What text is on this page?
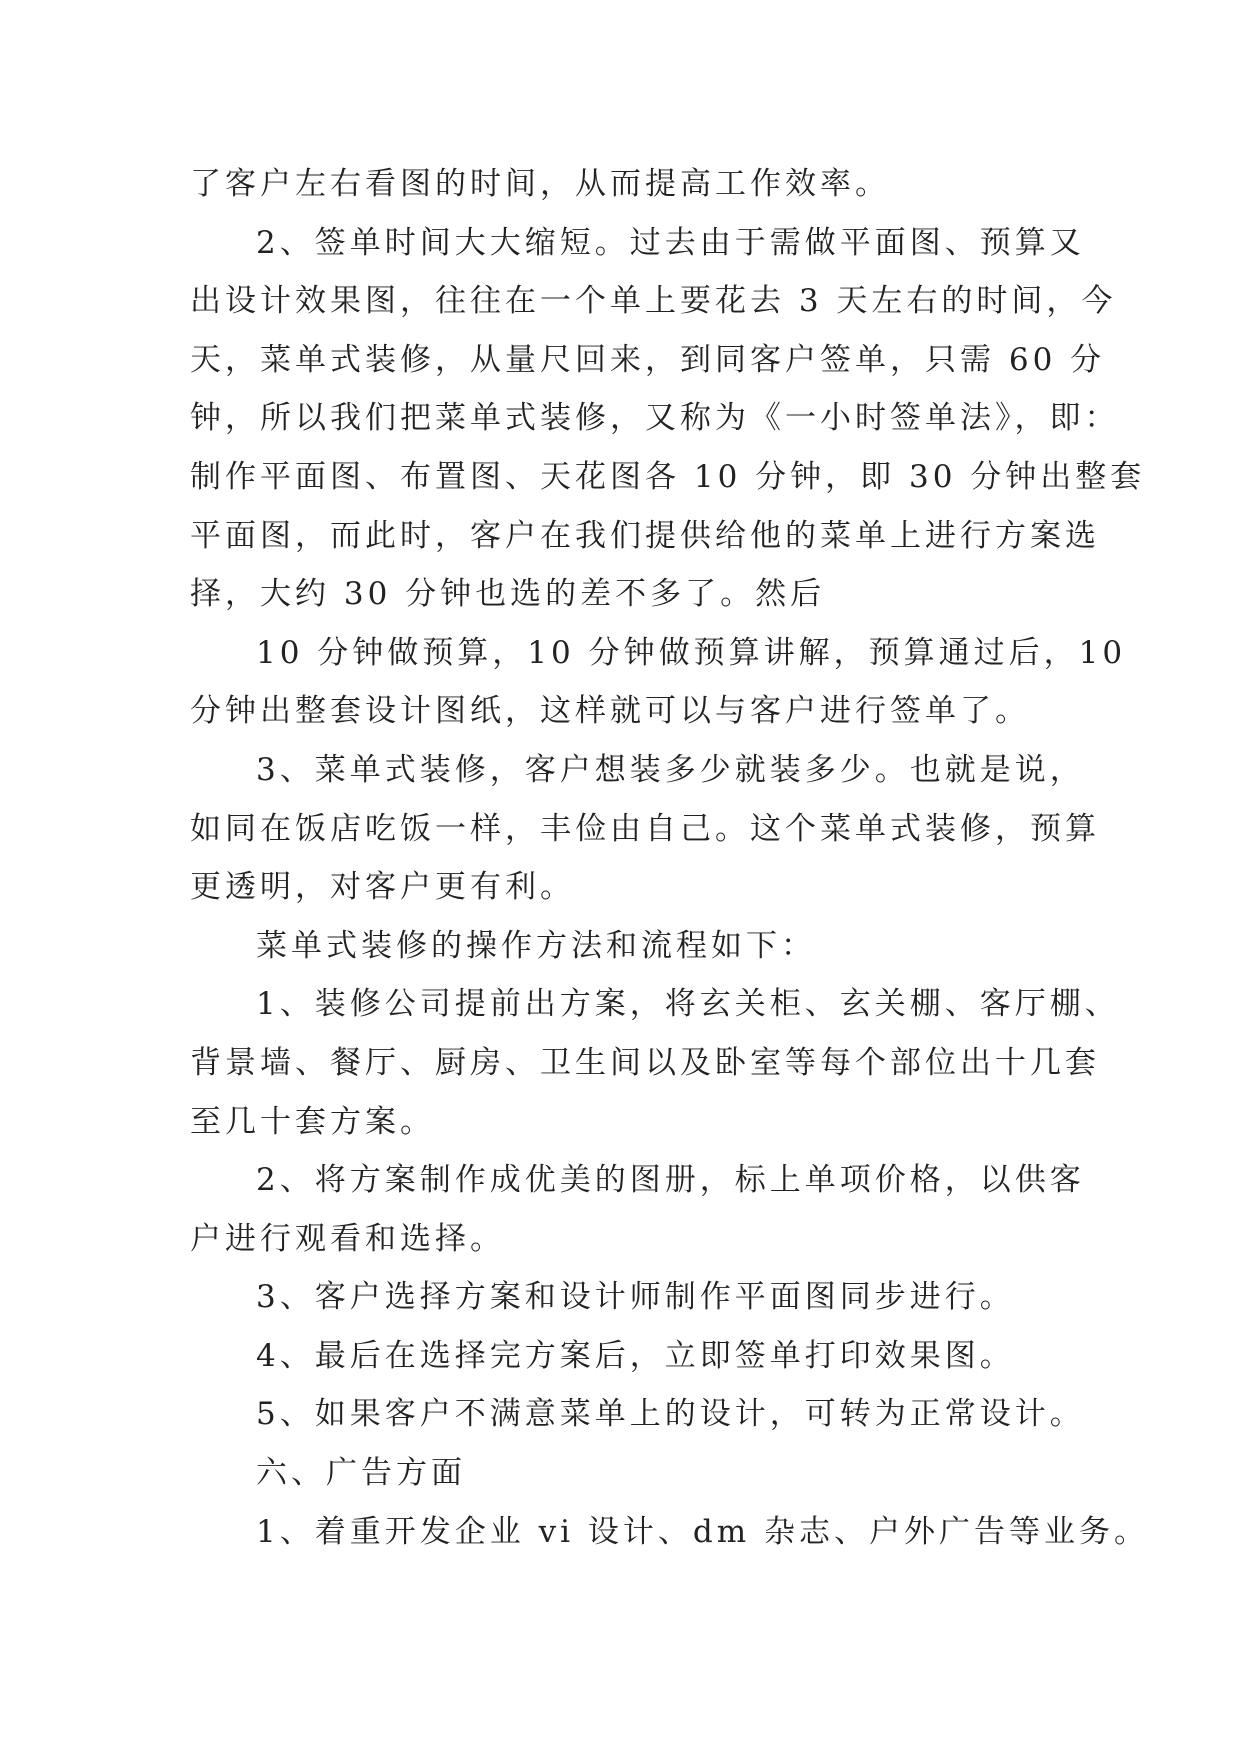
了客户左右看图的时间，从而提高工作效率。
2、签单时间大大缩短。过去由于需做平面图、预算又
出设计效果图，往往在一个单上要花去 3 天左右的时间，今
天，菜单式装修，从量尺回来，到同客户签单，只需 60 分
钟，所以我们把菜单式装修，又称为《一小时签单法》，即：
制作平面图、布置图、天花图各 10 分钟，即 30 分钟出整套
平面图，而此时，客户在我们提供给他的菜单上进行方案选
择，大约 30 分钟也选的差不多了。然后
10 分钟做预算，10 分钟做预算讲解，预算通过后，10
分钟出整套设计图纸，这样就可以与客户进行签单了。
3、菜单式装修，客户想装多少就装多少。也就是说，
如同在饭店吃饭一样，丰俭由自己。这个菜单式装修，预算
更透明，对客户更有利。
菜单式装修的操作方法和流程如下：
1、装修公司提前出方案，将玄关柜、玄关棚、客厅棚、
背景墙、餐厅、厨房、卫生间以及卧室等每个部位出十几套
至几十套方案。
2、将方案制作成优美的图册，标上单项价格，以供客
户进行观看和选择。
3、客户选择方案和设计师制作平面图同步进行。
4、最后在选择完方案后，立即签单打印效果图。
5、如果客户不满意菜单上的设计，可转为正常设计。
六、广告方面
1、着重开发企业 vi 设计、dm 杂志、户外广告等业务。
